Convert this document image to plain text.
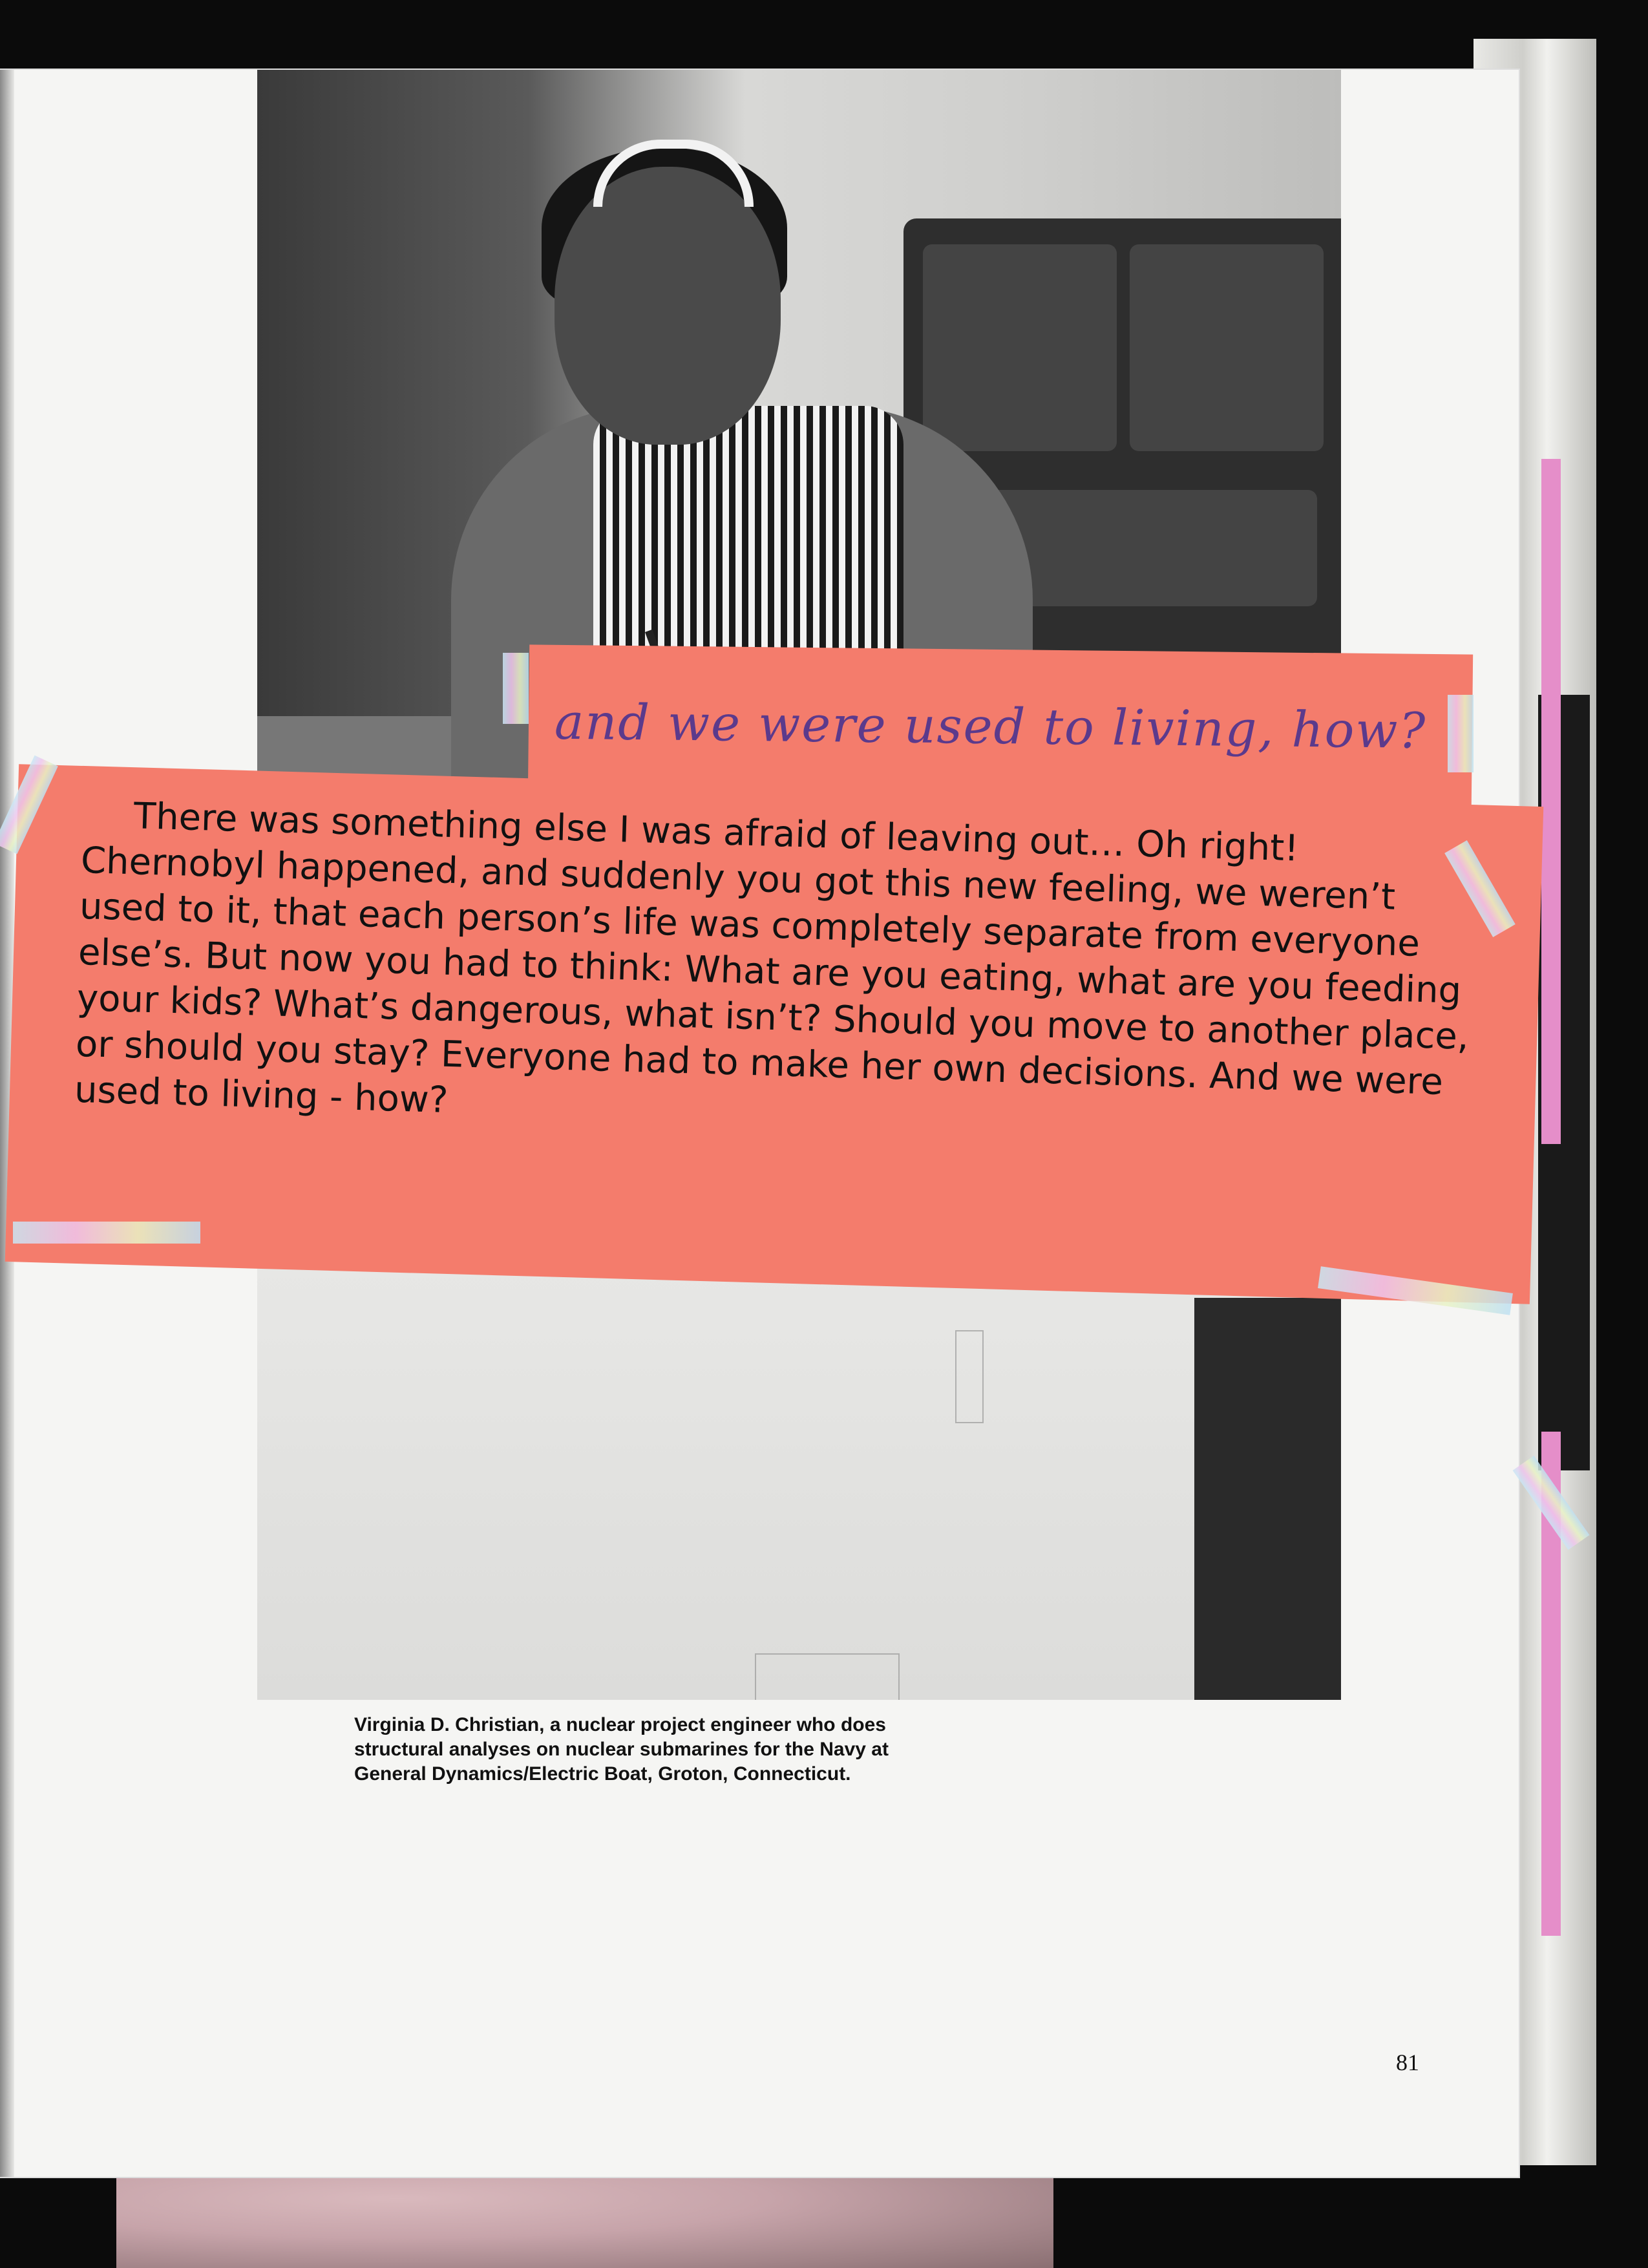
and we were used to living, how?
There was something else I was afraid of leaving out… Oh right! Chernobyl happened, and suddenly you got this new feeling, we weren’t used to it, that each person’s life was completely separate from everyone else’s. But now you had to think: What are you eating, what are you feeding your kids? What’s dangerous, what isn’t? Should you move to another place, or should you stay? Everyone had to make her own decisions. And we were used to living - how?
Virginia D. Christian, a nuclear project engineer who does structural analyses on nuclear submarines for the Navy at General Dynamics/Electric Boat, Groton, Connecticut.
81
